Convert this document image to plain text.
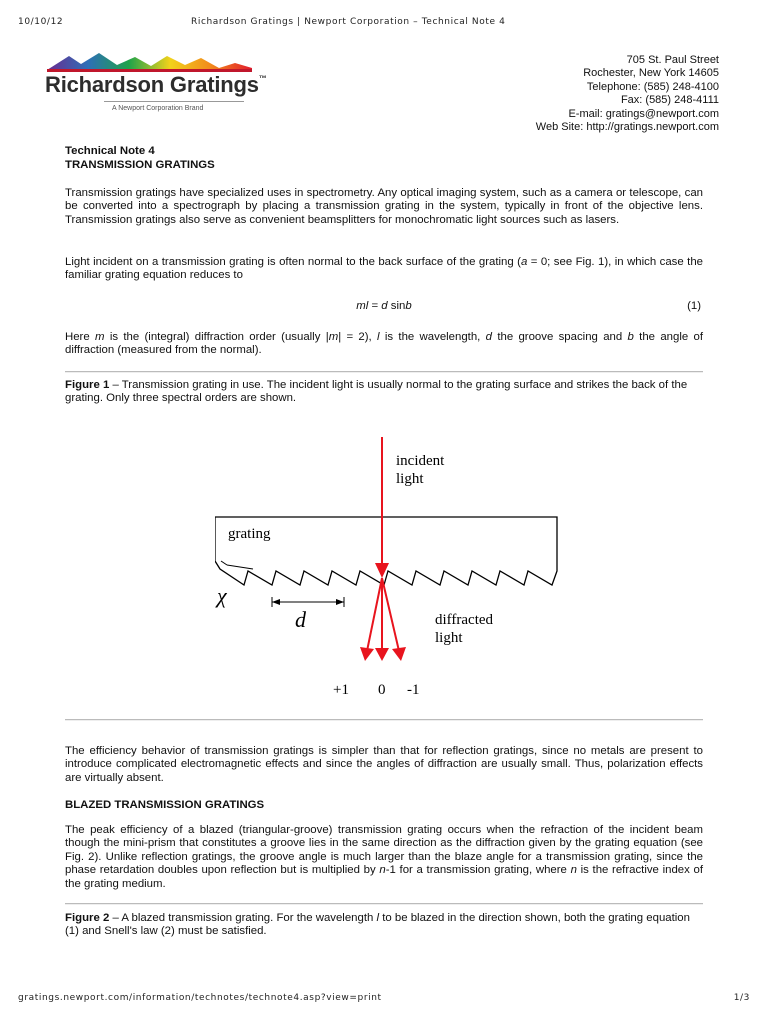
10/10/12	Richardson Gratings | Newport Corporation – Technical Note 4
Richardson Gratings™
A Newport Corporation Brand
705 St. Paul Street
Rochester, New York 14605
Telephone: (585) 248-4100
Fax: (585) 248-4111
E-mail: gratings@newport.com
Web Site: http://gratings.newport.com
Technical Note 4
TRANSMISSION GRATINGS

Transmission gratings have specialized uses in spectrometry. Any optical imaging system, such as a camera or telescope, can be converted into a spectrograph by placing a transmission grating in the system, typically in front of the objective lens. Transmission gratings also serve as convenient beamsplitters for monochromatic light sources such as lasers.

Light incident on a transmission grating is often normal to the back surface of the grating (a = 0; see Fig. 1), in which case the familiar grating equation reduces to

ml = d sinb	(1)

Here m is the (integral) diffraction order (usually |m| = 2), l is the wavelength, d the groove spacing and b the angle of diffraction (measured from the normal).

Figure 1 – Transmission grating in use. The incident light is usually normal to the grating surface and strikes the back of the grating. Only three spectral orders are shown.
incident
light
grating
χ
d	diffracted
light
+1 0 -1

The efficiency behavior of transmission gratings is simpler than that for reflection gratings, since no metals are present to introduce complicated electromagnetic effects and since the angles of diffraction are usually small. Thus, polarization effects are virtually absent.

BLAZED TRANSMISSION GRATINGS

The peak efficiency of a blazed (triangular-groove) transmission grating occurs when the refraction of the incident beam though the mini-prism that constitutes a groove lies in the same direction as the diffraction given by the grating equation (see Fig. 2). Unlike reflection gratings, the groove angle is much larger than the blaze angle for a transmission grating, since the phase retardation doubles upon reflection but is multiplied by n-1 for a transmission grating, where n is the refractive index of the grating medium.

Figure 2 – A blazed transmission grating. For the wavelength l to be blazed in the direction shown, both the grating equation (1) and Snell's law (2) must be satisfied.
gratings.newport.com/information/technotes/technote4.asp?view=print	1/3
